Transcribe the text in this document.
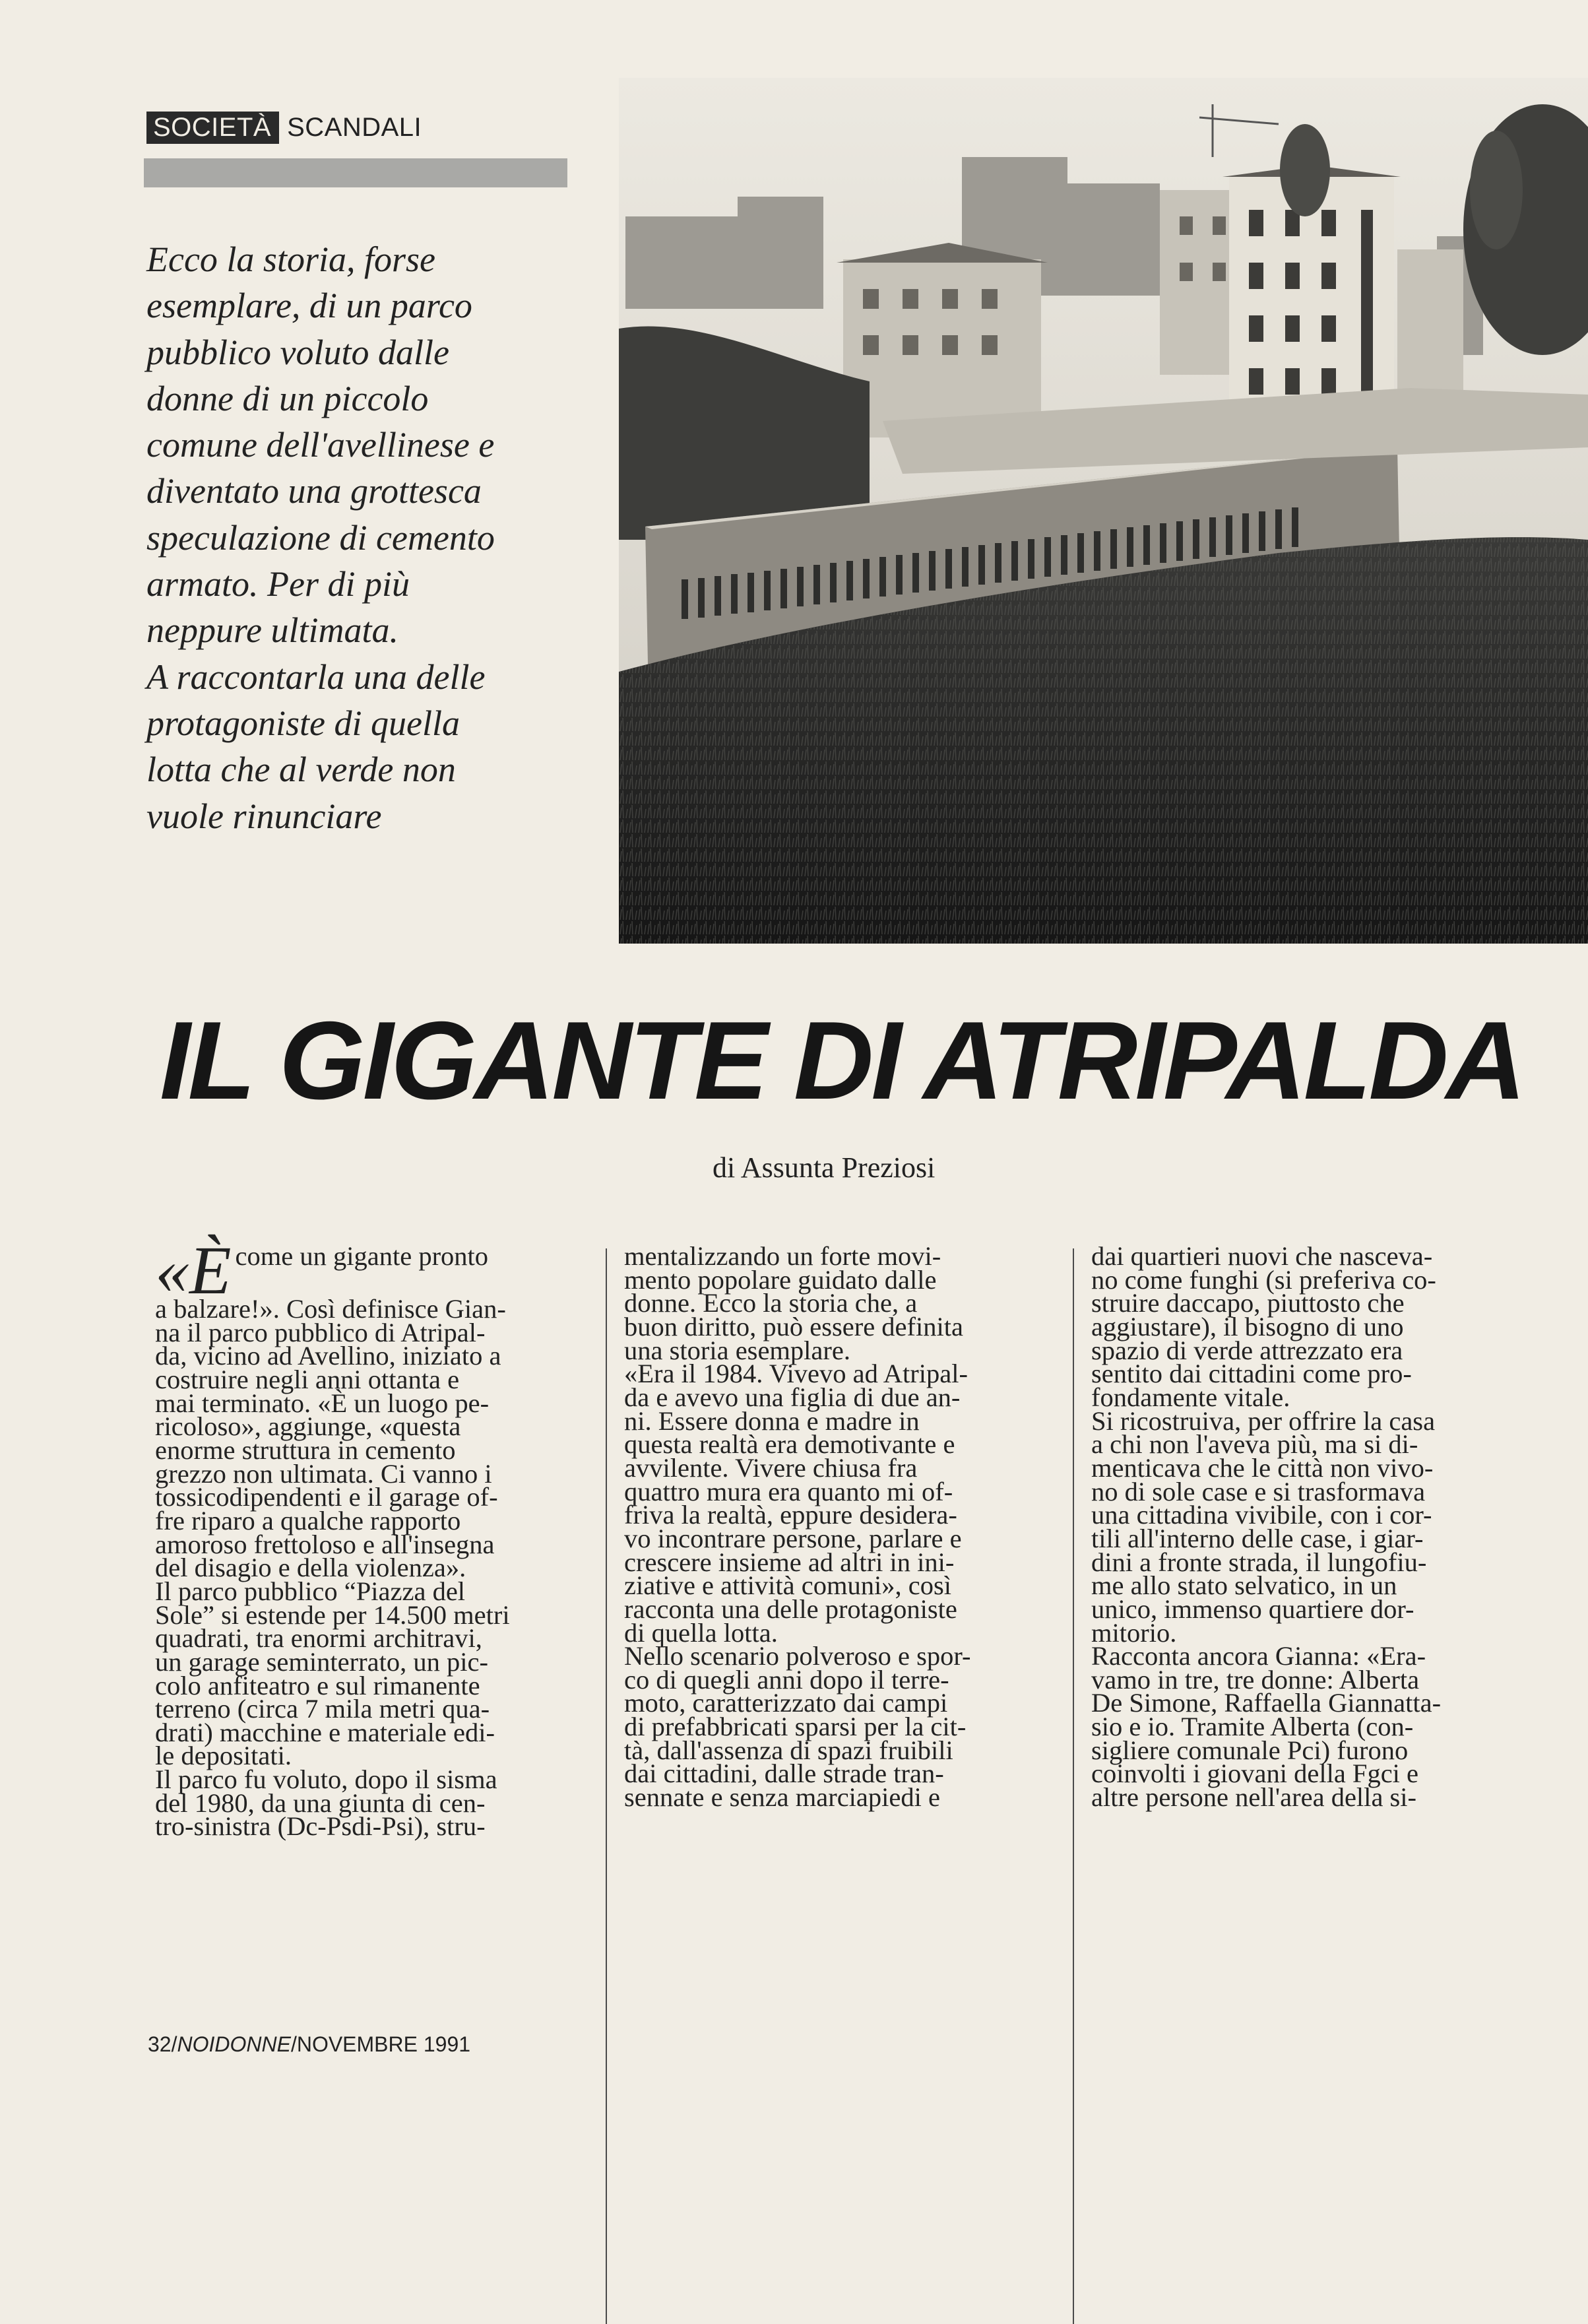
SOCIETÀ SCANDALI
Ecco la storia, forse
esemplare, di un parco
pubblico voluto dalle
donne di un piccolo
comune dell'avellinese e
diventato una grottesca
speculazione di cemento
armato. Per di più
neppure ultimata.
A raccontarla una delle
protagoniste di quella
lotta che al verde non
vuole rinunciare
IL GIGANTE DI ATRIPALDA
di Assunta Preziosi

«Ècome un gigante pronto
a balzare!». Così definisce Gian-
na il parco pubblico di Atripal-
da, vicino ad Avellino, iniziato a
costruire negli anni ottanta e
mai terminato. «È un luogo pe-
ricoloso», aggiunge, «questa
enorme struttura in cemento
grezzo non ultimata. Ci vanno i
tossicodipendenti e il garage of-
fre riparo a qualche rapporto
amoroso frettoloso e all'insegna
del disagio e della violenza».

Il parco pubblico “Piazza del
Sole” si estende per 14.500 metri
quadrati, tra enormi architravi,
un garage seminterrato, un pic-
colo anfiteatro e sul rimanente
terreno (circa 7 mila metri qua-
drati) macchine e materiale edi-
le depositati.

Il parco fu voluto, dopo il sisma
del 1980, da una giunta di cen-
tro-sinistra (Dc-Psdi-Psi), stru-

mentalizzando un forte movi-
mento popolare guidato dalle
donne. Ecco la storia che, a
buon diritto, può essere definita
una storia esemplare.

«Era il 1984. Vivevo ad Atripal-
da e avevo una figlia di due an-
ni. Essere donna e madre in
questa realtà era demotivante e
avvilente. Vivere chiusa fra
quattro mura era quanto mi of-
friva la realtà, eppure desidera-
vo incontrare persone, parlare e
crescere insieme ad altri in ini-
ziative e attività comuni», così
racconta una delle protagoniste
di quella lotta.

Nello scenario polveroso e spor-
co di quegli anni dopo il terre-
moto, caratterizzato dai campi
di prefabbricati sparsi per la cit-
tà, dall'assenza di spazi fruibili
dai cittadini, dalle strade tran-
sennate e senza marciapiedi e

dai quartieri nuovi che nasceva-
no come funghi (si preferiva co-
struire daccapo, piuttosto che
aggiustare), il bisogno di uno
spazio di verde attrezzato era
sentito dai cittadini come pro-
fondamente vitale.

Si ricostruiva, per offrire la casa
a chi non l'aveva più, ma si di-
menticava che le città non vivo-
no di sole case e si trasformava
una cittadina vivibile, con i cor-
tili all'interno delle case, i giar-
dini a fronte strada, il lungofiu-
me allo stato selvatico, in un
unico, immenso quartiere dor-
mitorio.

Racconta ancora Gianna: «Era-
vamo in tre, tre donne: Alberta
De Simone, Raffaella Giannattа-
sio e io. Tramite Alberta (con-
sigliere comunale Pci) furono
coinvolti i giovani della Fgci e
altre persone nell'area della si-

32/NOIDONNE/NOVEMBRE 1991
